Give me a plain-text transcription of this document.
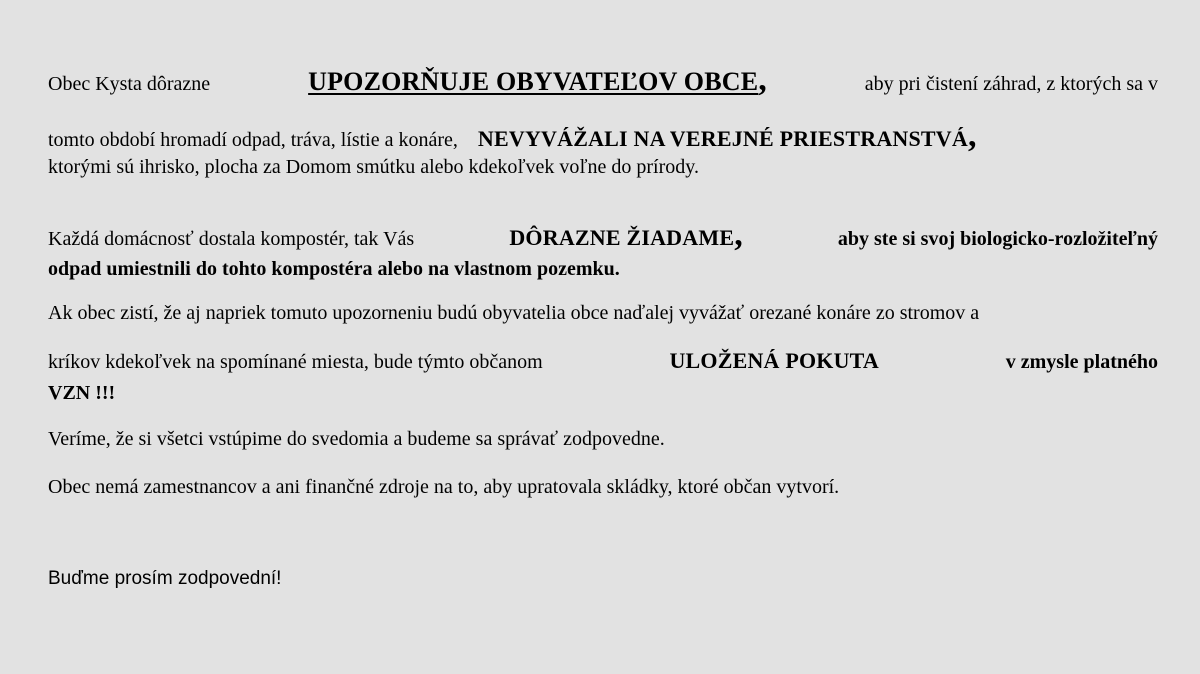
Obec Kysta dôrazne	UPOZORŇUJE OBYVATEĽOV OBCE,	aby pri čistení záhrad, z ktorých sa v
tomto období hromadí odpad, tráva, lístie a konáre, NEVYVÁŽALI NA VEREJNÉ PRIESTRANSTVÁ,
ktorými sú ihrisko, plocha za Domom smútku alebo kdekoľvek voľne do prírody.
Každá domácnosť dostala kompostér, tak Vás	DÔRAZNE ŽIADAME,	aby ste si svoj biologicko-rozložiteľný
odpad umiestnili do tohto kompostéra alebo na vlastnom pozemku.
Ak obec zistí, že aj napriek tomuto upozorneniu budú obyvatelia obce naďalej vyvážať orezané konáre zo stromov a
kríkov kdekoľvek na spomínané miesta, bude týmto občanom	ULOŽENÁ POKUTA	v zmysle platného
VZN !!!
Veríme, že si všetci vstúpime do svedomia a budeme sa správať zodpovedne.
Obec nemá zamestnancov a ani finančné zdroje na to, aby upratovala skládky, ktoré občan vytvorí.
Buďme prosím zodpovední!
